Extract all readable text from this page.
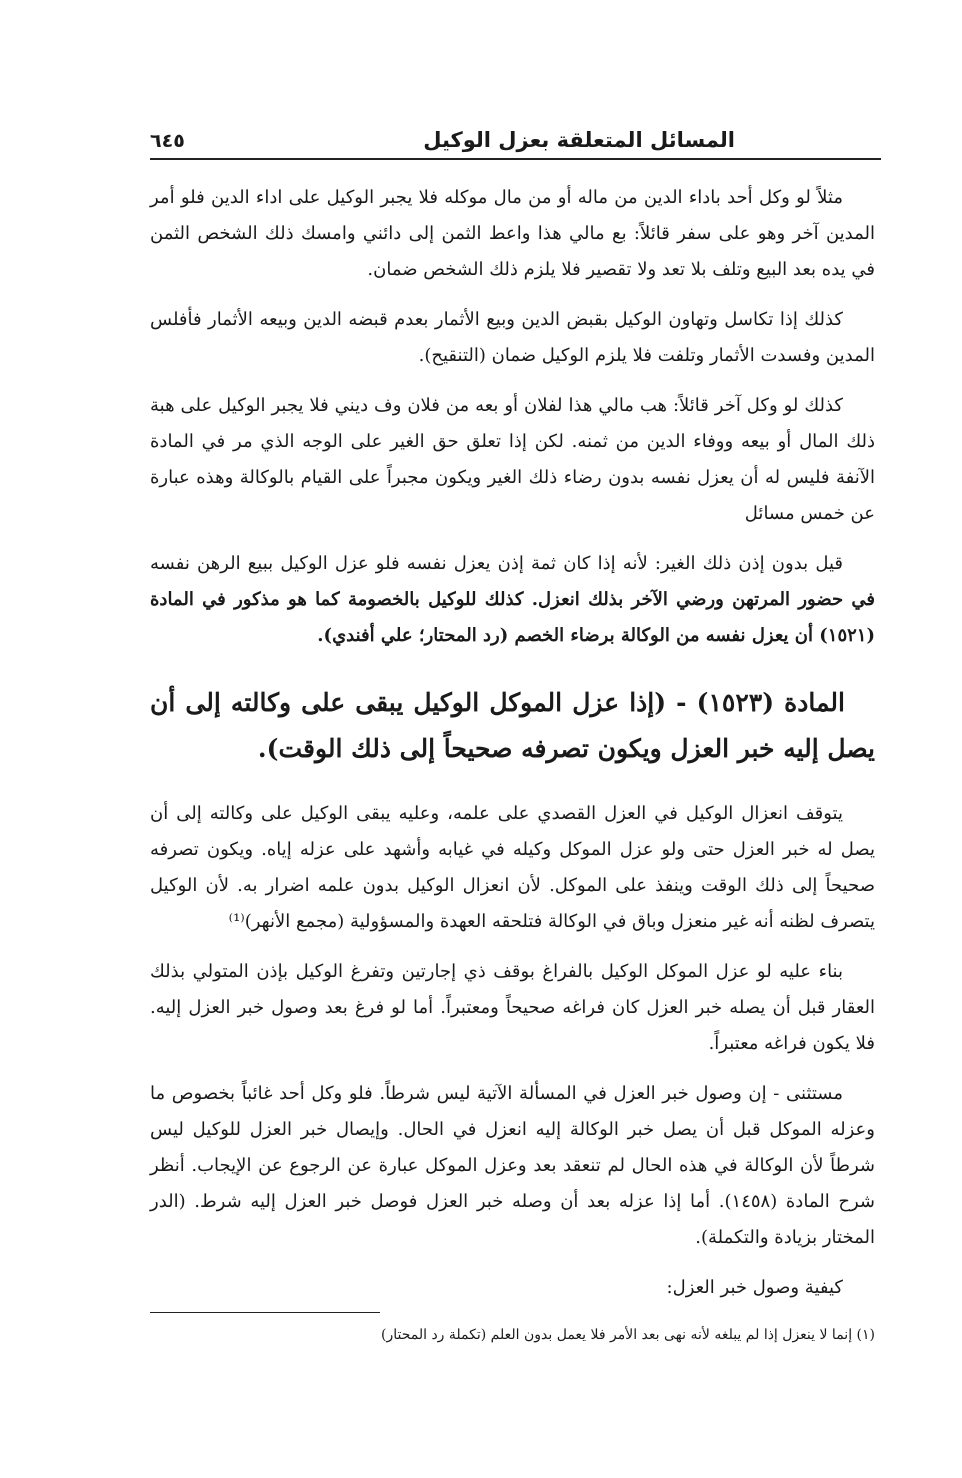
المسائل المتعلقة بعزل الوكيل
٦٤٥

مثلاً لو وكل أحد باداء الدين من ماله أو من مال موكله فلا يجبر الوكيل على اداء الدين فلو أمر المدين آخر وهو على سفر قائلاً: بع مالي هذا واعط الثمن إلى دائني وامسك ذلك الشخص الثمن في يده بعد البيع وتلف بلا تعد ولا تقصير فلا يلزم ذلك الشخص ضمان.

كذلك إذا تكاسل وتهاون الوكيل بقبض الدين وبيع الأثمار بعدم قبضه الدين وبيعه الأثمار فأفلس المدين وفسدت الأثمار وتلفت فلا يلزم الوكيل ضمان (التنقيح).

كذلك لو وكل آخر قائلاً: هب مالي هذا لفلان أو بعه من فلان وف ديني فلا يجبر الوكيل على هبة ذلك المال أو بيعه ووفاء الدين من ثمنه. لكن إذا تعلق حق الغير على الوجه الذي مر في المادة الآنفة فليس له أن يعزل نفسه بدون رضاء ذلك الغير ويكون مجبراً على القيام بالوكالة وهذه عبارة عن خمس مسائل

قيل بدون إذن ذلك الغير: لأنه إذا كان ثمة إذن يعزل نفسه فلو عزل الوكيل ببيع الرهن نفسه في حضور المرتهن ورضي الآخر بذلك انعزل. كذلك للوكيل بالخصومة كما هو مذكور في المادة (١٥٢١) أن يعزل نفسه من الوكالة برضاء الخصم (رد المحتار؛ علي أفندي).

المادة (١٥٢٣) - (إذا عزل الموكل الوكيل يبقى على وكالته إلى أن يصل إليه خبر العزل ويكون تصرفه صحيحاً إلى ذلك الوقت).

يتوقف انعزال الوكيل في العزل القصدي على علمه، وعليه يبقى الوكيل على وكالته إلى أن يصل له خبر العزل حتى ولو عزل الموكل وكيله في غيابه وأشهد على عزله إياه. ويكون تصرفه صحيحاً إلى ذلك الوقت وينفذ على الموكل. لأن انعزال الوكيل بدون علمه اضرار به. لأن الوكيل يتصرف لظنه أنه غير منعزل وباق في الوكالة فتلحقه العهدة والمسؤولية (مجمع الأنهر)⁽¹⁾

بناء عليه لو عزل الموكل الوكيل بالفراغ بوقف ذي إجارتين وتفرغ الوكيل بإذن المتولي بذلك العقار قبل أن يصله خبر العزل كان فراغه صحيحاً ومعتبراً. أما لو فرغ بعد وصول خبر العزل إليه. فلا يكون فراغه معتبراً.

مستثنى - إن وصول خبر العزل في المسألة الآتية ليس شرطاً. فلو وكل أحد غائباً بخصوص ما وعزله الموكل قبل أن يصل خبر الوكالة إليه انعزل في الحال. وإيصال خبر العزل للوكيل ليس شرطاً لأن الوكالة في هذه الحال لم تنعقد بعد وعزل الموكل عبارة عن الرجوع عن الإيجاب. أنظر شرح المادة (١٤٥٨). أما إذا عزله بعد أن وصله خبر العزل فوصل خبر العزل إليه شرط. (الدر المختار بزيادة والتكملة).

كيفية وصول خبر العزل:

(١) إنما لا ينعزل إذا لم يبلغه لأنه نهى بعد الأمر فلا يعمل بدون العلم (تكملة رد المحتار)
